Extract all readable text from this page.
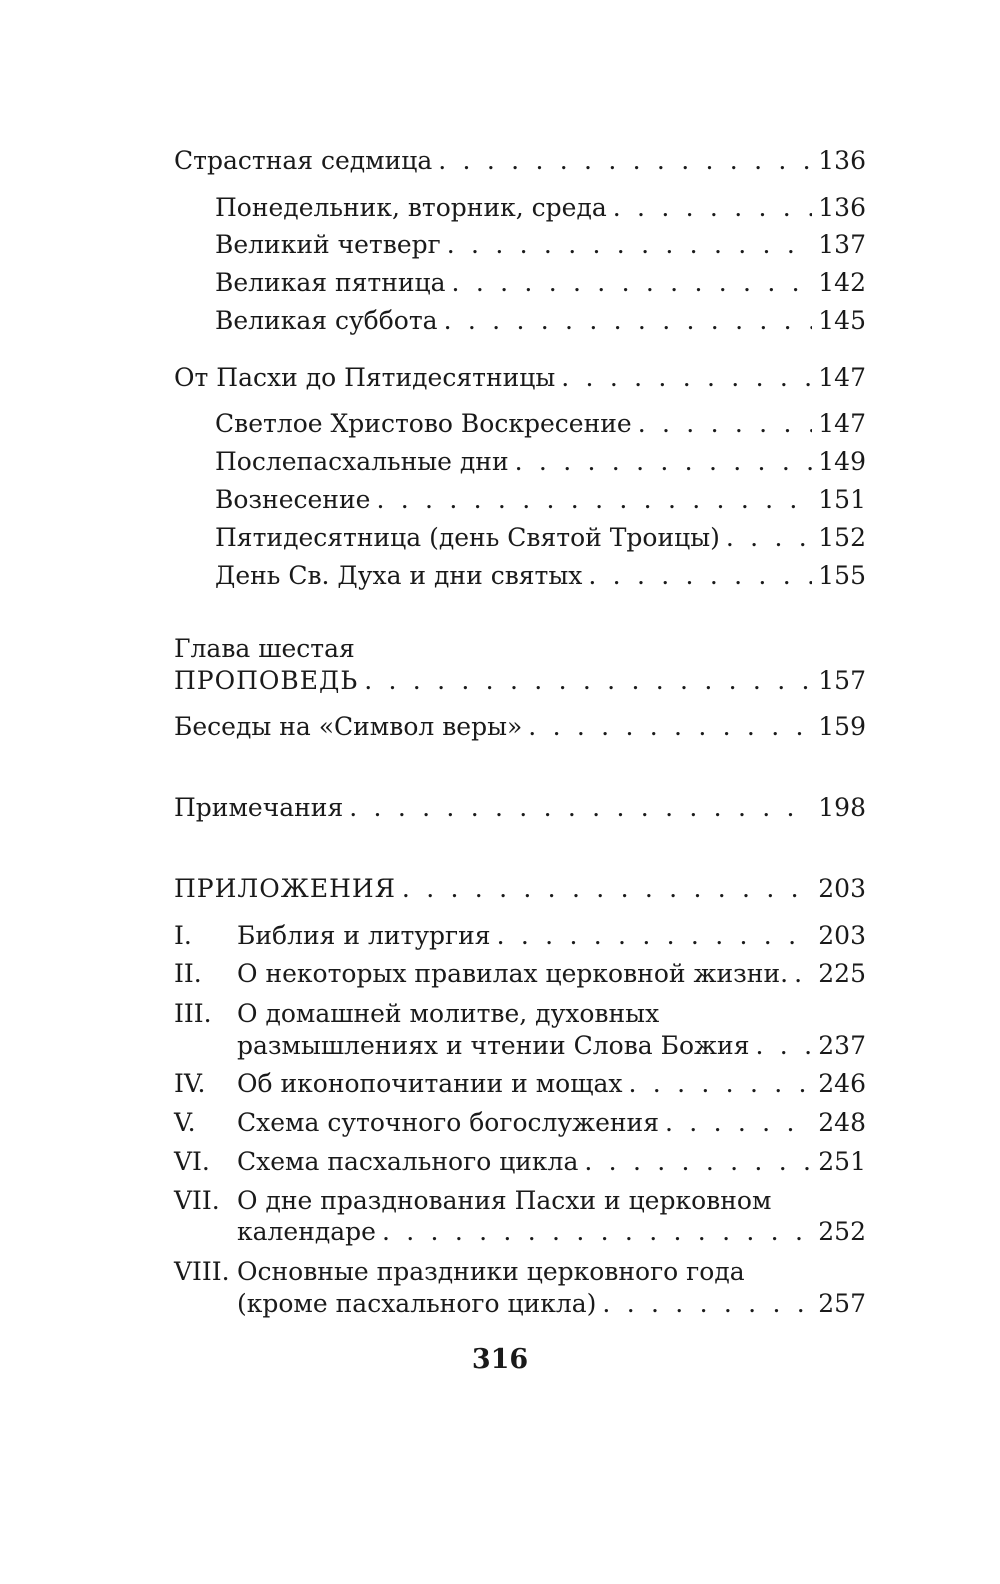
Страстная седмица . . .	136
Понедельник, вторник, среда . . .	136
Великий четверг . . .	137
Великая пятница . . .	142
Великая суббота . . .	145
От Пасхи до Пятидесятницы . . .	147
Светлое Христово Воскресение . . .	147
Послепасхальные дни . . .	149
Вознесение . . .	151
Пятидесятница (день Святой Троицы) . . .	152
День Св. Духа и дни святых . . .	155
Глава шестая
ПРОПОВЕДЬ . . .	157
Беседы на «Символ веры» . . .	159
Примечания . . .	198
ПРИЛОЖЕНИЯ . . .	203
I. Библия и литургия . . .	203
II. О некоторых правилах церковной жизни. . . . 225
III. О домашней молитве, духовных
размышлениях и чтении Слова Божия . . .	237
IV. Об иконопочитании и мощах . . .	246
V. Схема суточного богослужения . . .	248
VI. Схема пасхального цикла . . .	251
VII. О дне празднования Пасхи и церковном
календаре . . .	252
VIII. Основные праздники церковного года
(кроме пасхального цикла) . . .	257
316
